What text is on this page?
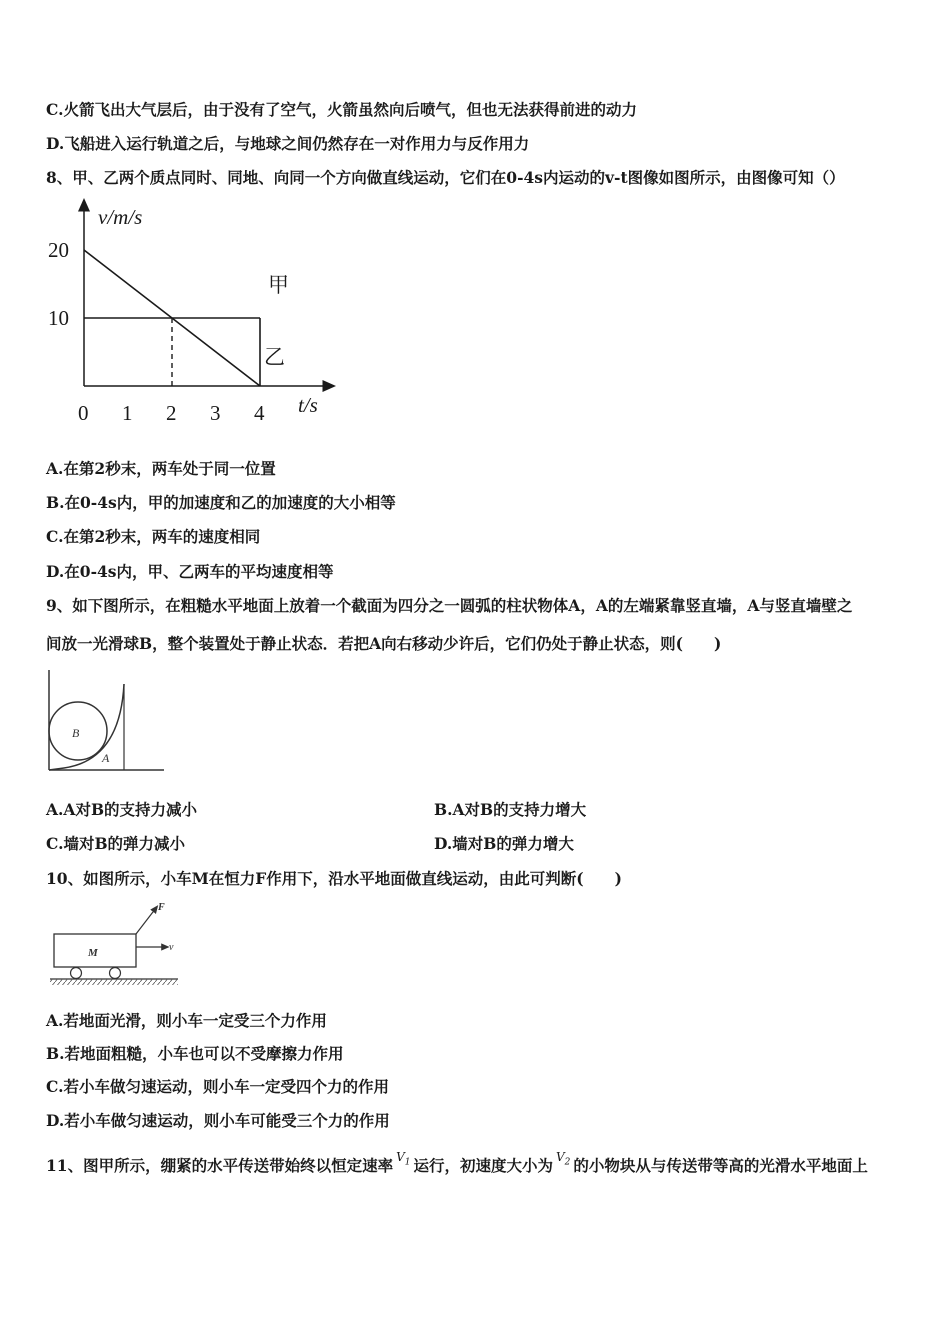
C.火箭飞出大气层后，由于没有了空气，火箭虽然向后喷气，但也无法获得前进的动力
D.飞船进入运行轨道之后，与地球之间仍然存在一对作用力与反作用力
8、甲、乙两个质点同时、同地、向同一个方向做直线运动，它们在0-4s内运动的v-t图像如图所示，由图像可知（）
v/m/s
t/s
20
10
0 1 2 3 4
甲
乙
A.在第2秒末，两车处于同一位置
B.在0-4s内，甲的加速度和乙的加速度的大小相等
C.在第2秒末，两车的速度相同
D.在0-4s内，甲、乙两车的平均速度相等
9、如下图所示，在粗糙水平地面上放着一个截面为四分之一圆弧的柱状物体A，A的左端紧靠竖直墙，A与竖直墙壁之
间放一光滑球B，整个装置处于静止状态．若把A向右移动少许后，它们仍处于静止状态，则(　　)
B
A
A.A对B的支持力减小	B.A对B的支持力增大
C.墙对B的弹力减小	D.墙对B的弹力增大
10、如图所示，小车M在恒力F作用下，沿水平地面做直线运动，由此可判断(　　)
M
F
v
A.若地面光滑，则小车一定受三个力作用
B.若地面粗糙，小车也可以不受摩擦力作用
C.若小车做匀速运动，则小车一定受四个力的作用
D.若小车做匀速运动，则小车可能受三个力的作用
11、图甲所示，绷紧的水平传送带始终以恒定速率 $V_1$ 运行，初速度大小为 $V_2$ 的小物块从与传送带等高的光滑水平地面上
